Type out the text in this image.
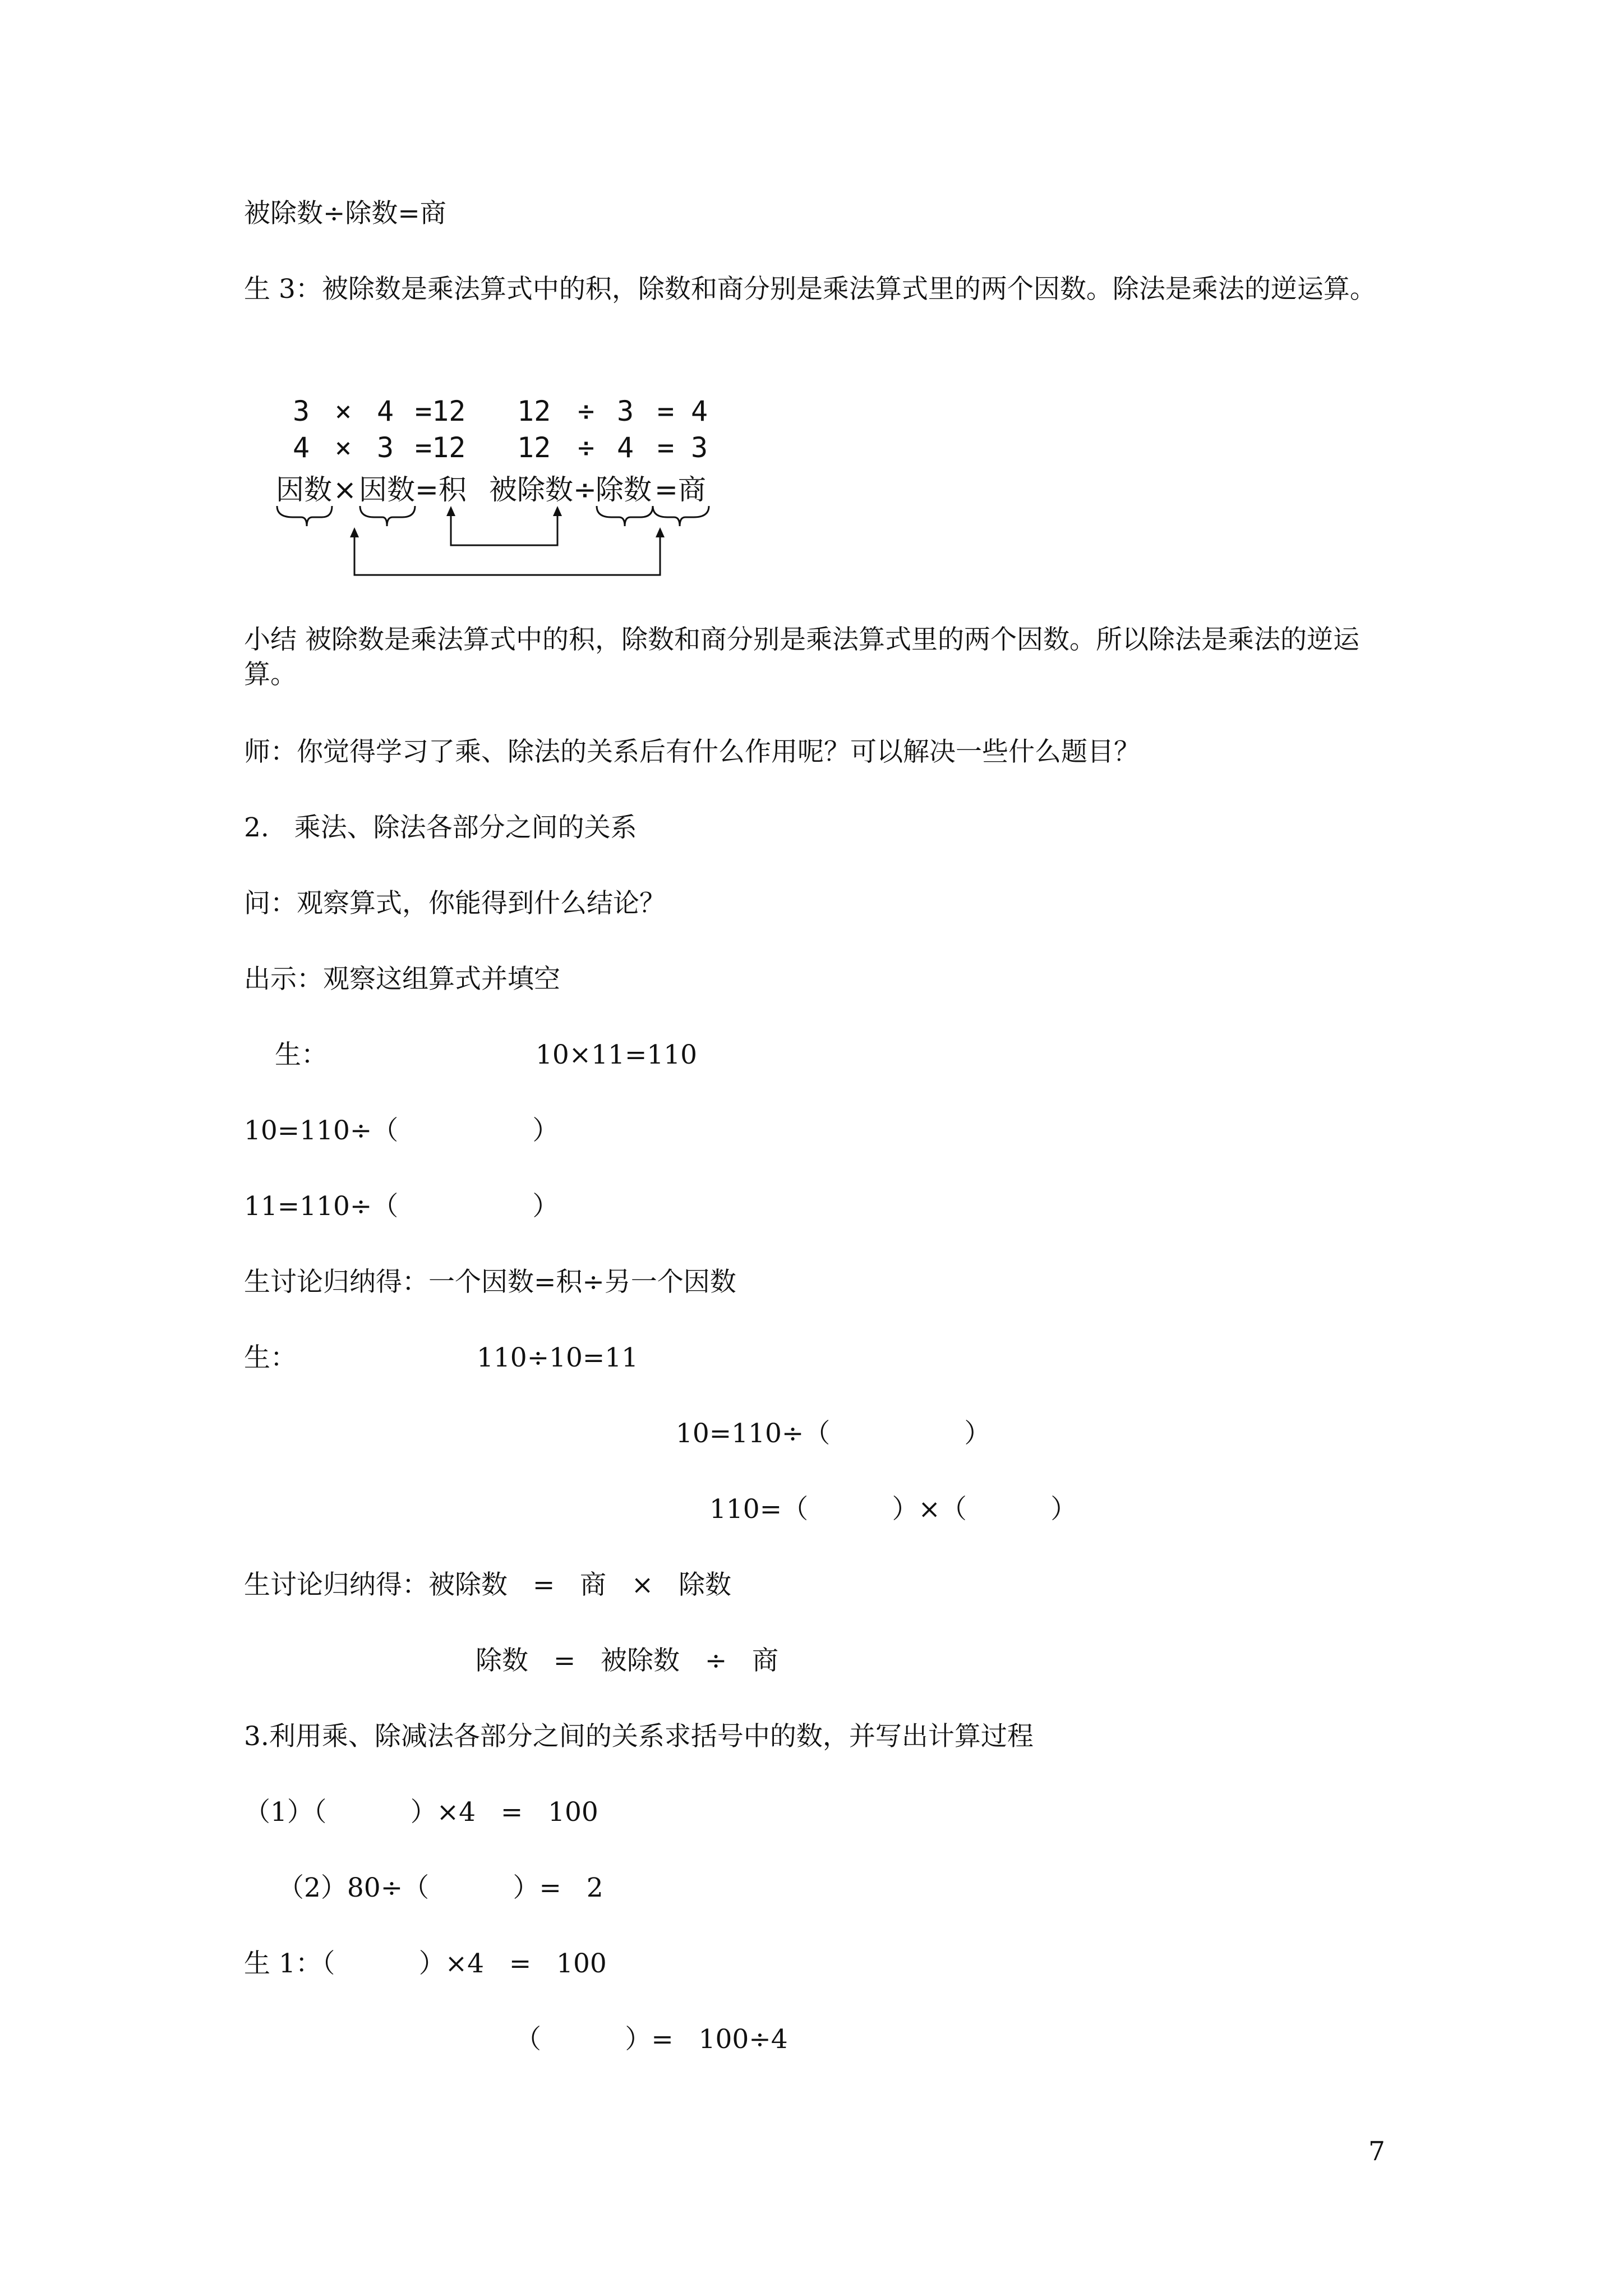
被除数÷除数=商
生 3：被除数是乘法算式中的积，除数和商分别是乘法算式里的两个因数。除法是乘法的逆运算。
3 × 4 =12 12 ÷ 3 = 4
4 × 3 =12 12 ÷ 4 = 3
因数 × 因数 =积 被除数 ÷
除数 =商
小结 被除数是乘法算式中的积，除数和商分别是乘法算式里的两个因数。所以除法是乘法的逆运算。
师：你觉得学习了乘、除法的关系后有什么作用呢？可以解决一些什么题目？
2.   乘法、除法各部分之间的关系
问：观察算式，你能得到什么结论？
出示：观察这组算式并填空
生：	10×11=110
10=110÷（                ）
11=110÷（                ）
生讨论归纳得：一个因数=积÷另一个因数
生：	110÷10=11
10=110÷（                ）
110=（          ）×（          ）
生讨论归纳得：被除数   =   商   ×   除数
除数   =   被除数   ÷   商
3.利用乘、除减法各部分之间的关系求括号中的数，并写出计算过程
（1）（          ）×4   =   100
（2）80÷（          ）=   2
生 1：（          ）×4   =   100
（          ）=   100÷4
7
